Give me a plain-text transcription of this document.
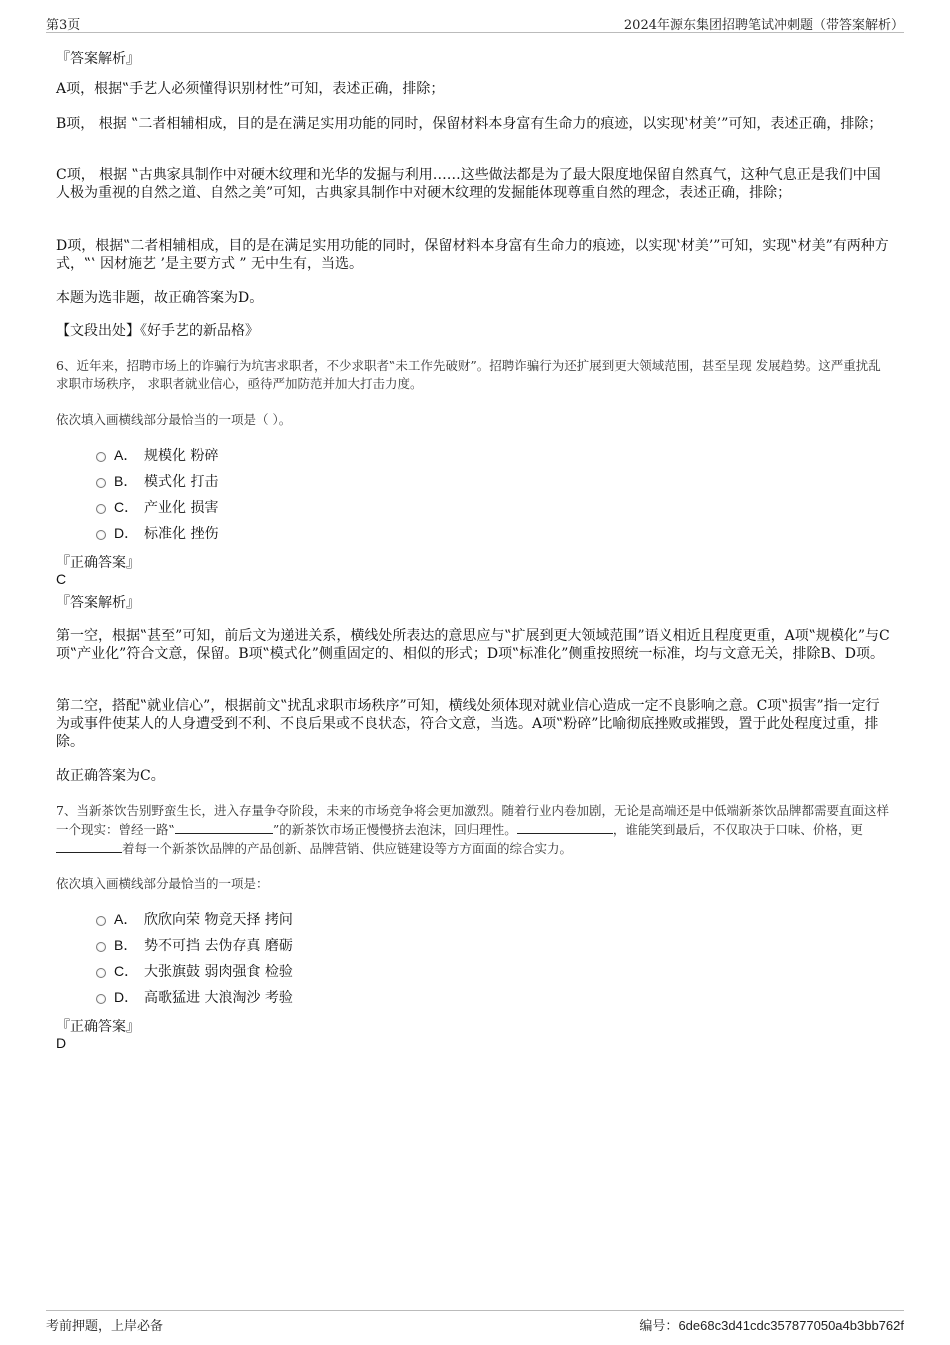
第3页	2024年源东集团招聘笔试冲刺题（带答案解析）
『答案解析』
A项，根据‟手艺人必须懂得识别材性”可知，表述正确，排除；
B项， 根据 ‟二者相辅相成，目的是在满足实用功能的同时，保留材料本身富有生命力的痕迹，以实现‛材美’”可知，表述正确，排除；
C项， 根据 ‟古典家具制作中对硬木纹理和光华的发掘与利用……这些做法都是为了最大限度地保留自然真气，这种气息正是我们中国人极为重视的自然之道、自然之美”可知，古典家具制作中对硬木纹理的发掘能体现尊重自然的理念，表述正确，排除；
D项，根据‟二者相辅相成，目的是在满足实用功能的同时，保留材料本身富有生命力的痕迹，以实现‛材美’”可知，实现‟材美”有两种方式，‟‛ 因材施艺 ’是主要方式 ” 无中生有，当选。
本题为选非题，故正确答案为D。
【文段出处】《好手艺的新品格》
6、近年来，招聘市场上的诈骗行为坑害求职者，不少求职者‟未工作先破财”。招聘诈骗行为还扩展到更大领域范围，甚至呈现 发展趋势。这严重扰乱求职市场秩序， 求职者就业信心，亟待严加防范并加大打击力度。
依次填入画横线部分最恰当的一项是（ ）。
A． 规模化 粉碎
B． 模式化 打击
C． 产业化 损害
D． 标准化 挫伤
『正确答案』
C
『答案解析』
第一空，根据‟甚至”可知，前后文为递进关系，横线处所表达的意思应与‟扩展到更大领域范围”语义相近且程度更重，A项‟规模化”与C项‟产业化”符合文意，保留。B项‟模式化”侧重固定的、相似的形式；D项‟标准化”侧重按照统一标准，均与文意无关，排除B、D项。
第二空，搭配‟就业信心”，根据前文‟扰乱求职市场秩序”可知，横线处须体现对就业信心造成一定不良影响之意。C项‟损害”指一定行为或事件使某人的人身遭受到不利、不良后果或不良状态，符合文意，当选。A项‟粉碎”比喻彻底挫败或摧毁，置于此处程度过重，排除。
故正确答案为C。
7、当新茶饮告别野蛮生长，进入存量争夺阶段，未来的市场竞争将会更加激烈。随着行业内卷加剧，无论是高端还是中低端新茶饮品牌都需要直面这样一个现实：曾经一路‟	”的新茶饮市场正慢慢挤去泡沫，回归理性。	，谁能笑到最后，不仅取决于口味、价格，更着每一个新茶饮品牌的产品创新、品牌营销、供应链建设等方方面面的综合实力。
依次填入画横线部分最恰当的一项是：
A． 欣欣向荣 物竞天择 拷问
B． 势不可挡 去伪存真 磨砺
C． 大张旗鼓 弱肉强食 检验
D． 高歌猛进 大浪淘沙 考验
『正确答案』
D
考前押题，上岸必备	编号：6de68c3d41cdc357877050a4b3bb762f
